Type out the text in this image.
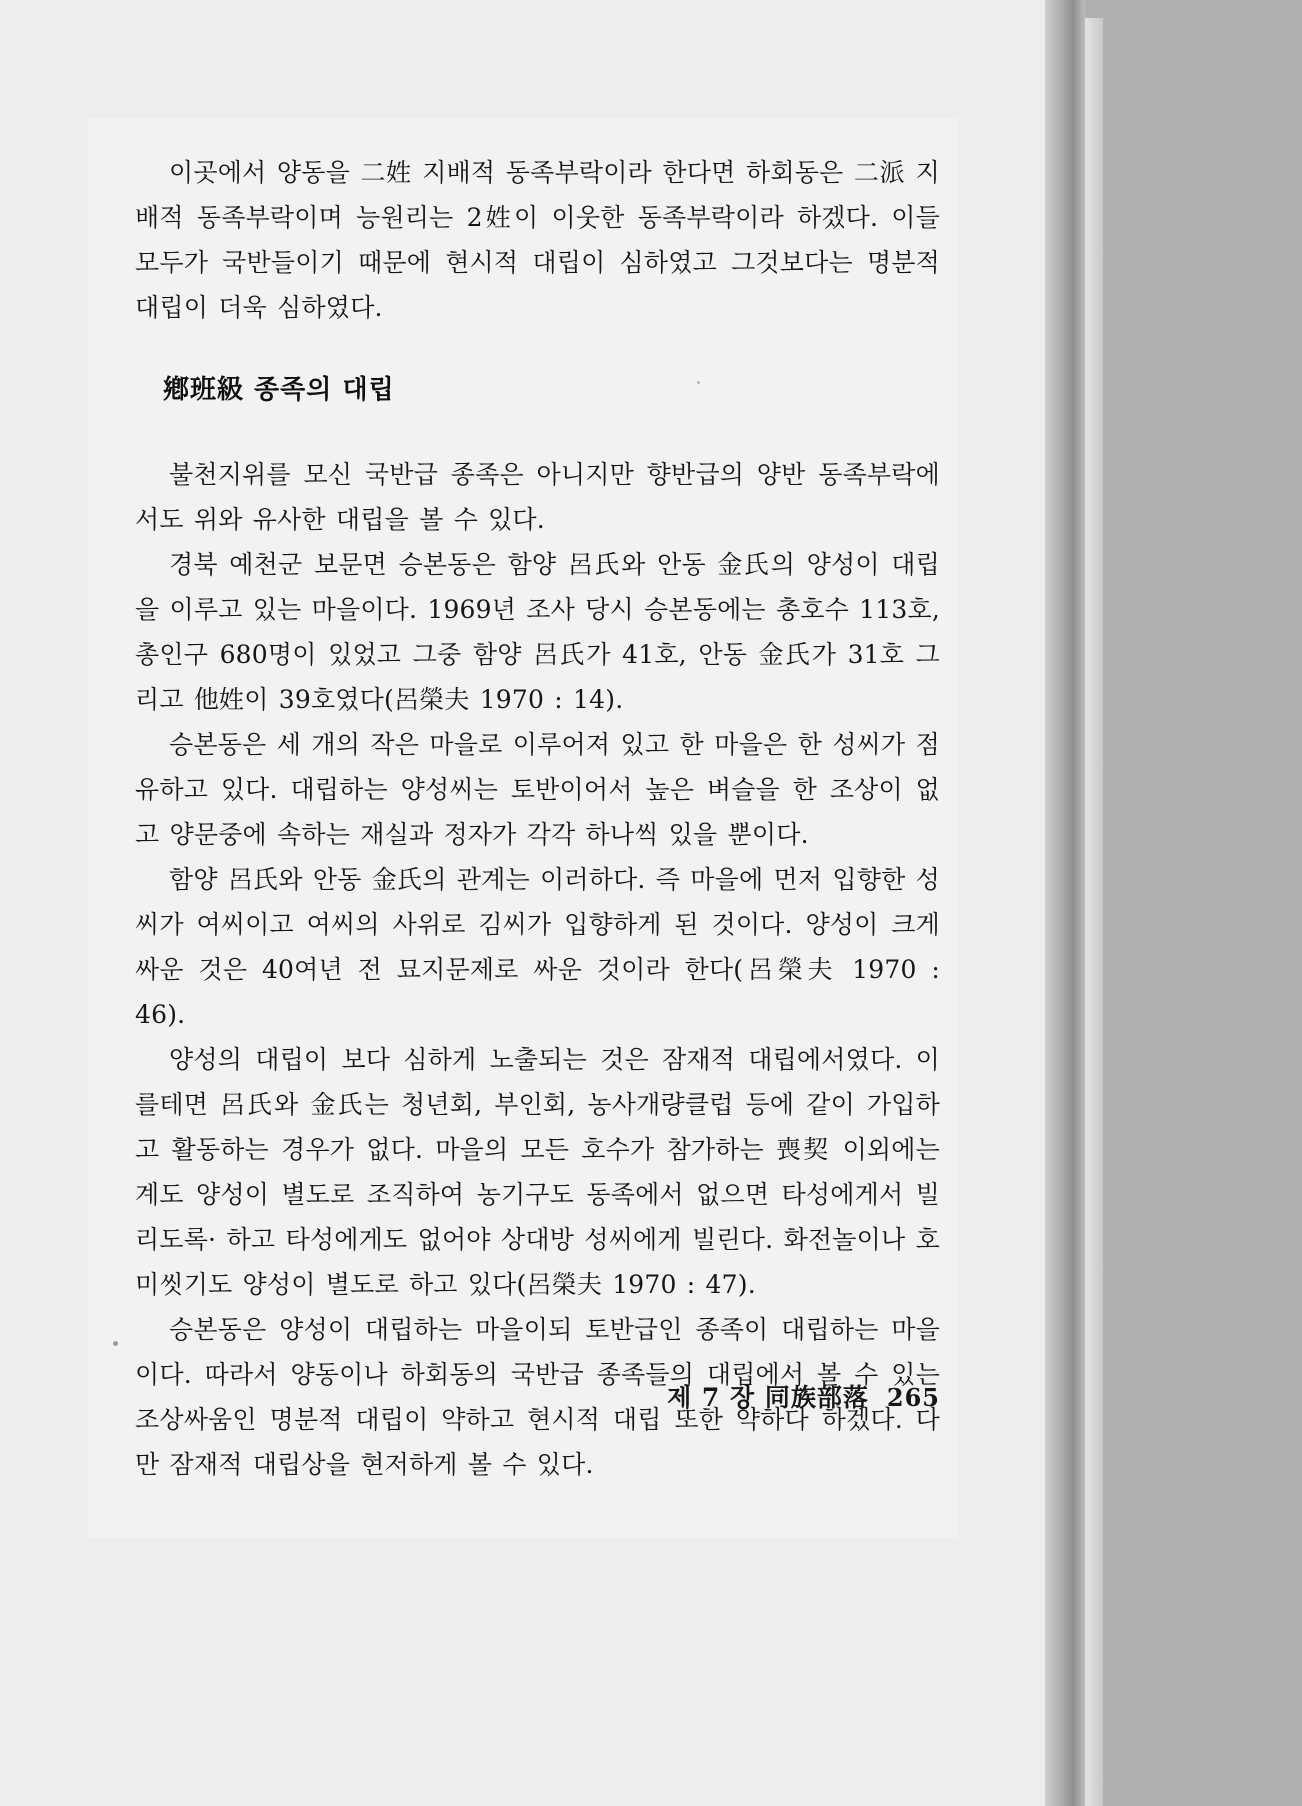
이곳에서 양동을 二姓 지배적 동족부락이라 한다면 하회동은 二派 지배적 동족부락이며 능원리는 2姓이 이웃한 동족부락이라 하겠다. 이들 모두가 국반들이기 때문에 현시적 대립이 심하였고 그것보다는 명분적 대립이 더욱 심하였다.

鄕班級 종족의 대립

불천지위를 모신 국반급 종족은 아니지만 향반급의 양반 동족부락에서도 위와 유사한 대립을 볼 수 있다.

경북 예천군 보문면 승본동은 함양 呂氏와 안동 金氏의 양성이 대립을 이루고 있는 마을이다. 1969년 조사 당시 승본동에는 총호수 113호, 총인구 680명이 있었고 그중 함양 呂氏가 41호, 안동 金氏가 31호 그리고 他姓이 39호였다(呂榮夫 1970 : 14).

승본동은 세 개의 작은 마을로 이루어져 있고 한 마을은 한 성씨가 점유하고 있다. 대립하는 양성씨는 토반이어서 높은 벼슬을 한 조상이 없고 양문중에 속하는 재실과 정자가 각각 하나씩 있을 뿐이다.

함양 呂氏와 안동 金氏의 관계는 이러하다. 즉 마을에 먼저 입향한 성씨가 여씨이고 여씨의 사위로 김씨가 입향하게 된 것이다. 양성이 크게 싸운 것은 40여년 전 묘지문제로 싸운 것이라 한다(呂榮夫 1970 : 46).

양성의 대립이 보다 심하게 노출되는 것은 잠재적 대립에서였다. 이를테면 呂氏와 金氏는 청년회, 부인회, 농사개량클럽 등에 같이 가입하고 활동하는 경우가 없다. 마을의 모든 호수가 참가하는 喪契 이외에는 계도 양성이 별도로 조직하여 농기구도 동족에서 없으면 타성에게서 빌리도록· 하고 타성에게도 없어야 상대방 성씨에게 빌린다. 화전놀이나 호미씻기도 양성이 별도로 하고 있다(呂榮夫 1970 : 47).

승본동은 양성이 대립하는 마을이되 토반급인 종족이 대립하는 마을이다. 따라서 양동이나 하회동의 국반급 종족들의 대립에서 볼 수 있는 조상싸움인 명분적 대립이 약하고 현시적 대립 또한 약하다 하겠다. 다만 잠재적 대립상을 현저하게 볼 수 있다.

제 7 장 同族部落 265
